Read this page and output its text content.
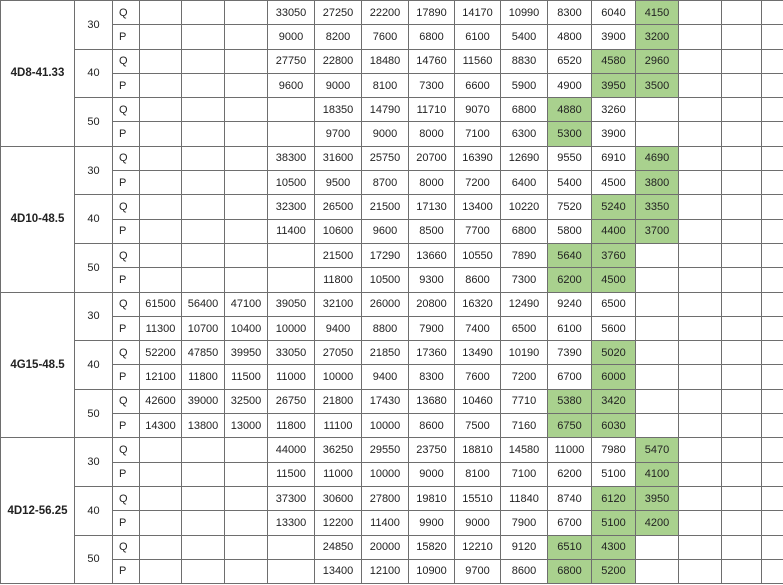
4D8-41.33	30	Q				33050	27250	22200	17890	14170	10990	8300	6040	4150			
		P				9000	8200	7600	6800	6100	5400	4800	3900	3200			
	40	Q				27750	22800	18480	14760	11560	8830	6520	4580	2960			
		P				9600	9000	8100	7300	6600	5900	4900	3950	3500			
	50	Q					18350	14790	11710	9070	6800	4880	3260				
		P					9700	9000	8000	7100	6300	5300	3900				
4D10-48.5	30	Q				38300	31600	25750	20700	16390	12690	9550	6910	4690			
		P				10500	9500	8700	8000	7200	6400	5400	4500	3800			
	40	Q				32300	26500	21500	17130	13400	10220	7520	5240	3350			
		P				11400	10600	9600	8500	7700	6800	5800	4400	3700			
	50	Q					21500	17290	13660	10550	7890	5640	3760				
		P					11800	10500	9300	8600	7300	6200	4500				
4G15-48.5	30	Q	61500	56400	47100	39050	32100	26000	20800	16320	12490	9240	6500				
		P	11300	10700	10400	10000	9400	8800	7900	7400	6500	6100	5600				
	40	Q	52200	47850	39950	33050	27050	21850	17360	13490	10190	7390	5020				
		P	12100	11800	11500	11000	10000	9400	8300	7600	7200	6700	6000				
	50	Q	42600	39000	32500	26750	21800	17430	13680	10460	7710	5380	3420				
		P	14300	13800	13000	11800	11100	10000	8600	7500	7160	6750	6030				
4D12-56.25	30	Q				44000	36250	29550	23750	18810	14580	11000	7980	5470			
		P				11500	11000	10000	9000	8100	7100	6200	5100	4100			
	40	Q				37300	30600	27800	19810	15510	11840	8740	6120	3950			
		P				13300	12200	11400	9900	9000	7900	6700	5100	4200			
	50	Q					24850	20000	15820	12210	9120	6510	4300				
		P					13400	12100	10900	9700	8600	6800	5200				
